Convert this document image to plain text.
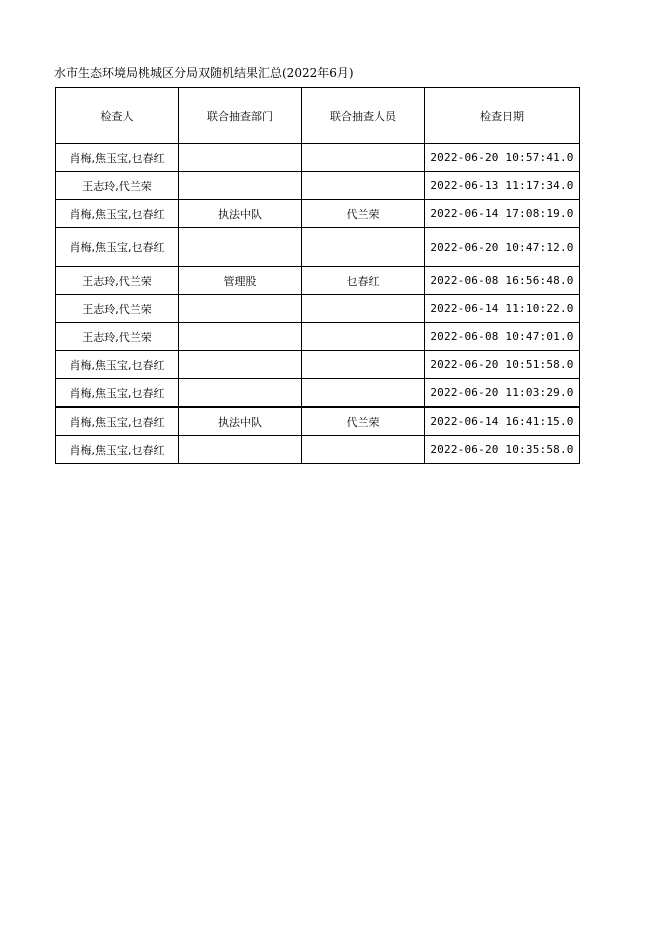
水市生态环境局桃城区分局双随机结果汇总(2022年6月)
检查人	联合抽查部门	联合抽查人员	检查日期
肖梅,焦玉宝,乜春红			2022-06-20 10:57:41.0
王志玲,代兰荣			2022-06-13 11:17:34.0
肖梅,焦玉宝,乜春红	执法中队	代兰荣	2022-06-14 17:08:19.0
肖梅,焦玉宝,乜春红			2022-06-20 10:47:12.0
王志玲,代兰荣	管理股	乜春红	2022-06-08 16:56:48.0
王志玲,代兰荣			2022-06-14 11:10:22.0
王志玲,代兰荣			2022-06-08 10:47:01.0
肖梅,焦玉宝,乜春红			2022-06-20 10:51:58.0
肖梅,焦玉宝,乜春红			2022-06-20 11:03:29.0
肖梅,焦玉宝,乜春红	执法中队	代兰荣	2022-06-14 16:41:15.0
肖梅,焦玉宝,乜春红			2022-06-20 10:35:58.0
